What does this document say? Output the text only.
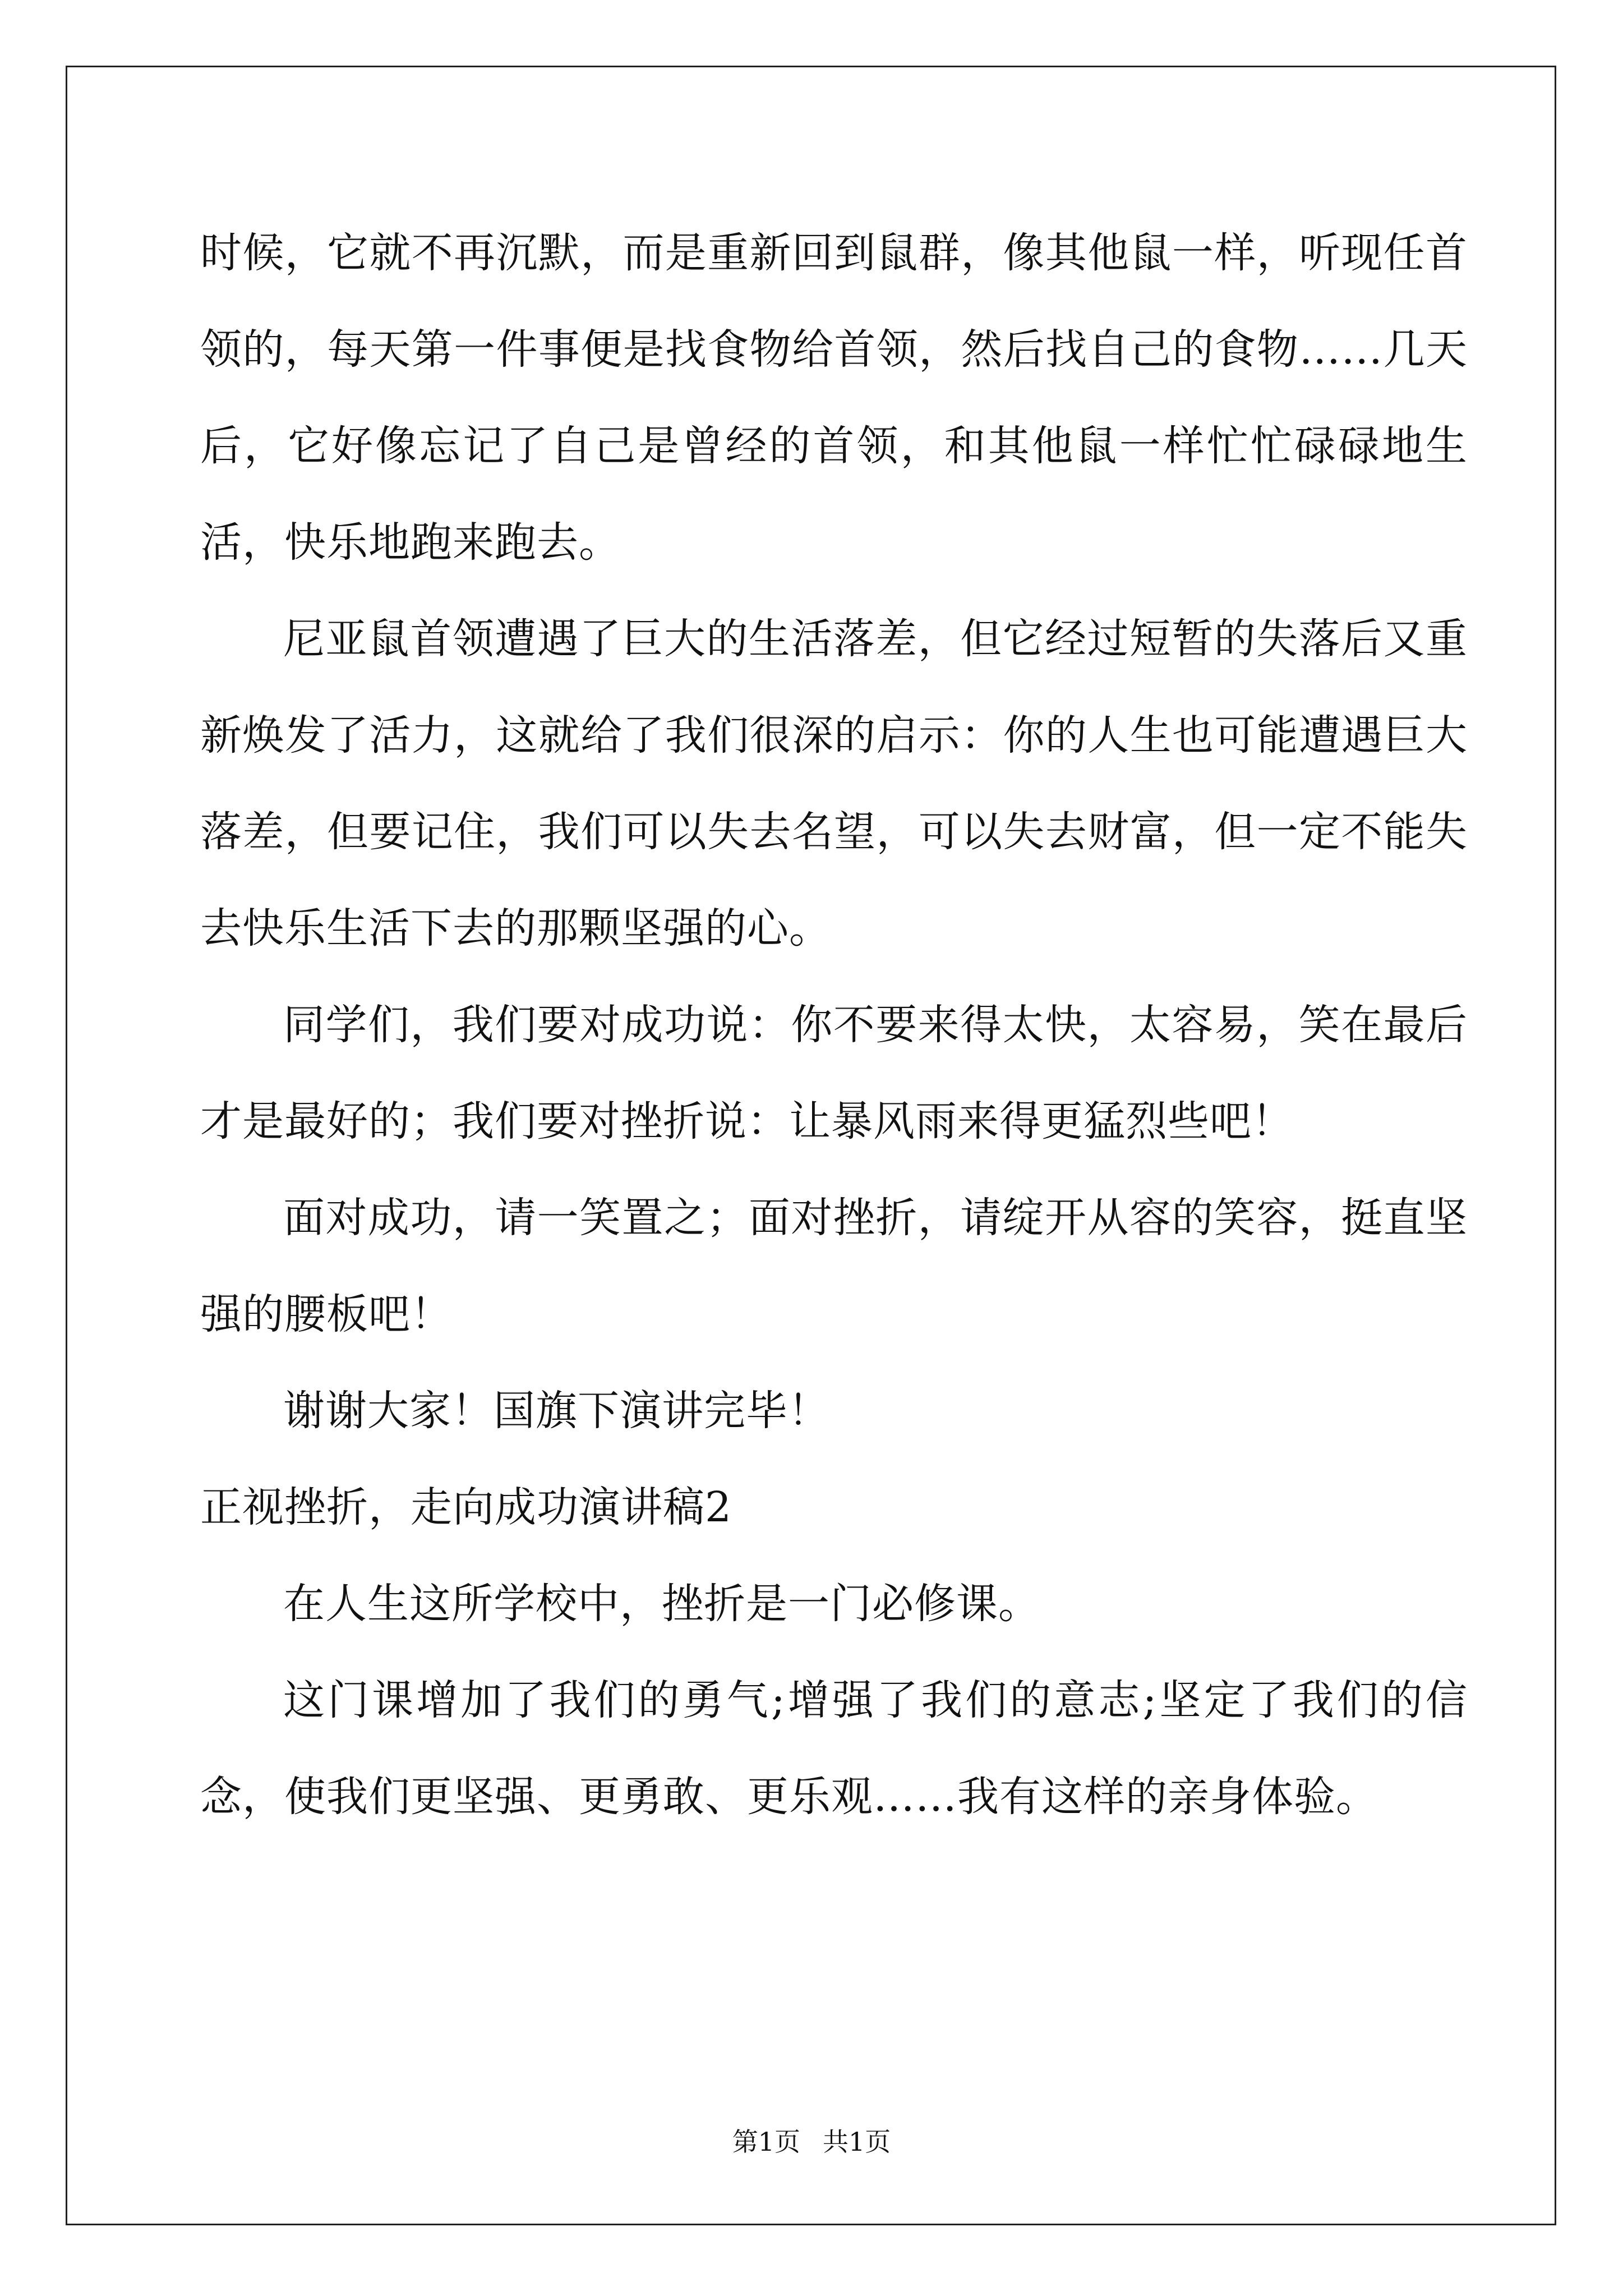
时候，它就不再沉默，而是重新回到鼠群，像其他鼠一样，听现任首领的，每天第一件事便是找食物给首领，然后找自己的食物……几天后，它好像忘记了自己是曾经的首领，和其他鼠一样忙忙碌碌地生活，快乐地跑来跑去。

尼亚鼠首领遭遇了巨大的生活落差，但它经过短暂的失落后又重新焕发了活力，这就给了我们很深的启示：你的人生也可能遭遇巨大落差，但要记住，我们可以失去名望，可以失去财富，但一定不能失去快乐生活下去的那颗坚强的心。

同学们，我们要对成功说：你不要来得太快，太容易，笑在最后才是最好的；我们要对挫折说：让暴风雨来得更猛烈些吧！

面对成功，请一笑置之；面对挫折，请绽开从容的笑容，挺直坚强的腰板吧！

谢谢大家！国旗下演讲完毕！

正视挫折，走向成功演讲稿2

在人生这所学校中，挫折是一门必修课。

这门课增加了我们的勇气;增强了我们的意志;坚定了我们的信念，使我们更坚强、更勇敢、更乐观……我有这样的亲身体验。

第1页 共1页
